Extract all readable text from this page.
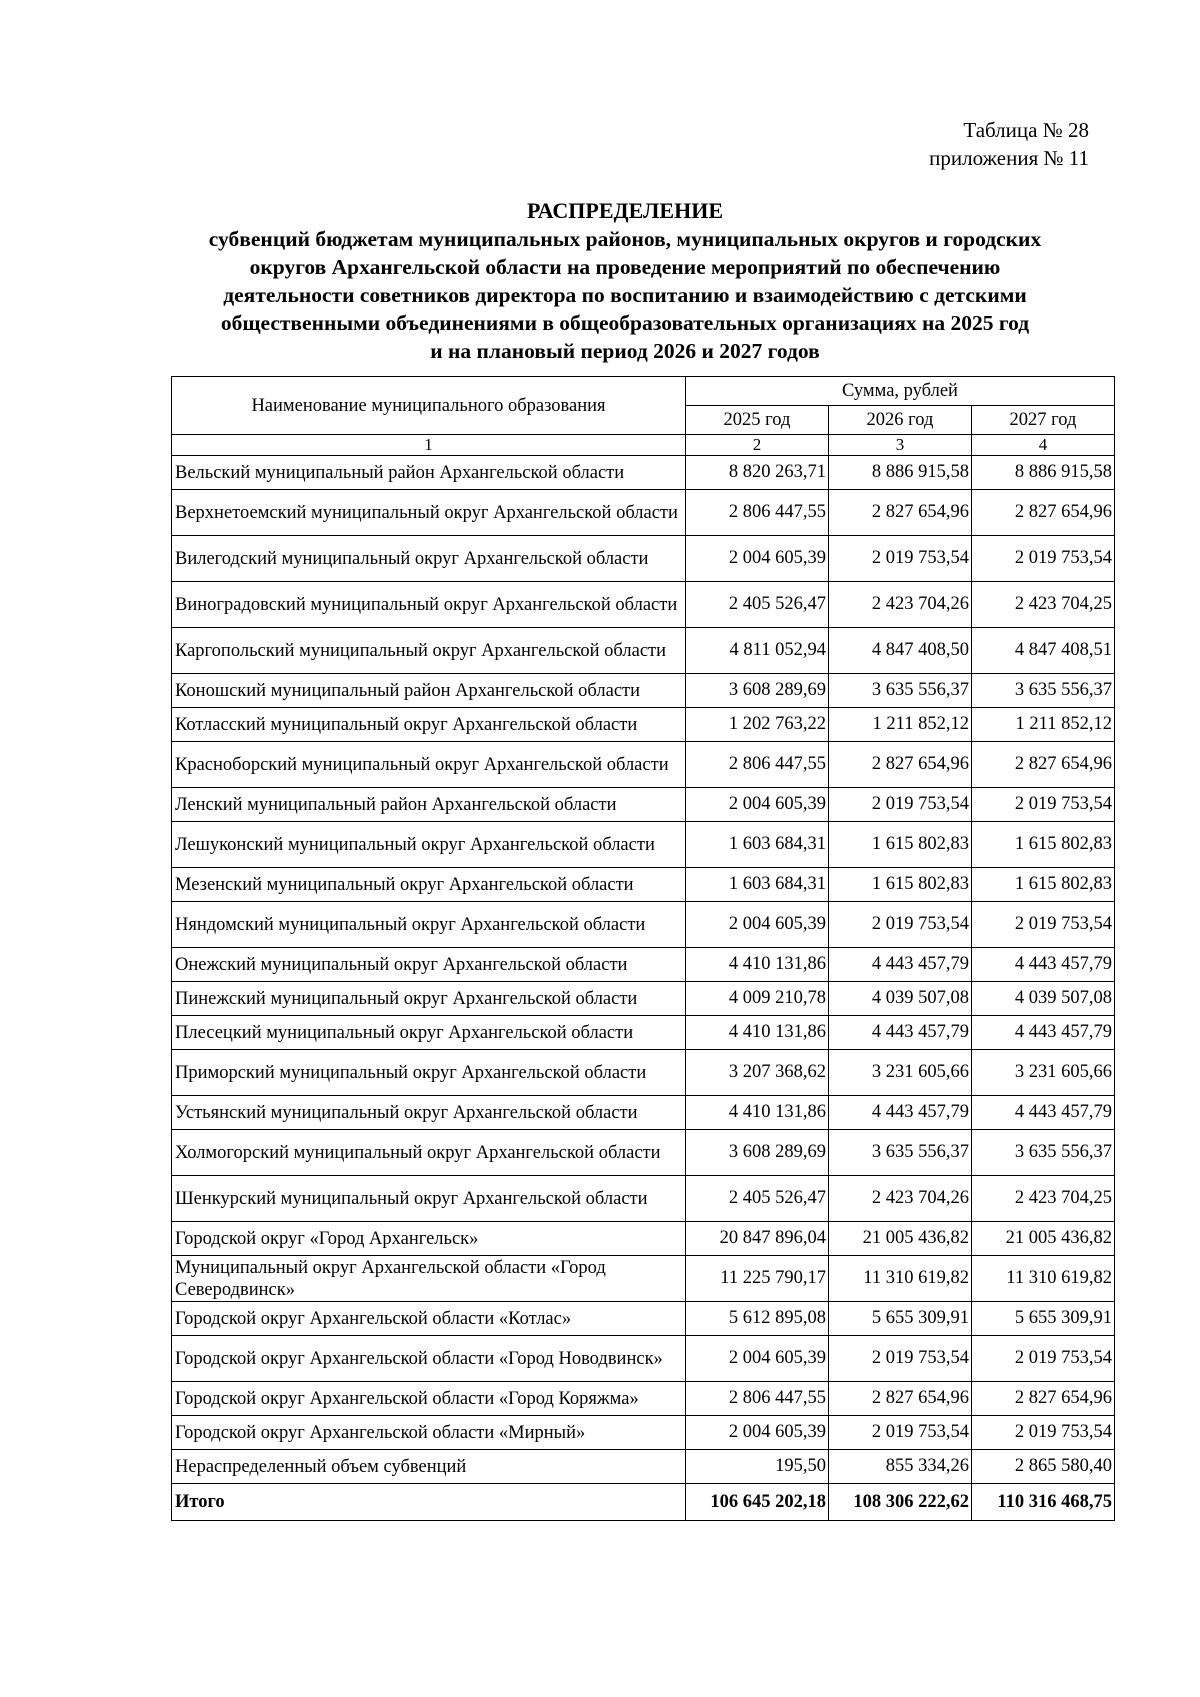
Таблица № 28
приложения № 11
РАСПРЕДЕЛЕНИЕ
субвенций бюджетам муниципальных районов, муниципальных округов и городских
округов Архангельской области на проведение мероприятий по обеспечению
деятельности советников директора по воспитанию и взаимодействию с детскими
общественными объединениями в общеобразовательных организациях на 2025 год
и на плановый период 2026 и 2027 годов
Наименование муниципального образования	Сумма, рублей		
	2025 год	2026 год	2027 год
1	2	3	4
Вельский муниципальный район Архангельской области	8 820 263,71	8 886 915,58	8 886 915,58
Верхнетоемский муниципальный округ Архангельской области	2 806 447,55	2 827 654,96	2 827 654,96
Вилегодский муниципальный округ Архангельской области	2 004 605,39	2 019 753,54	2 019 753,54
Виноградовский муниципальный округ Архангельской области	2 405 526,47	2 423 704,26	2 423 704,25
Каргопольский муниципальный округ Архангельской области	4 811 052,94	4 847 408,50	4 847 408,51
Коношский муниципальный район Архангельской области	3 608 289,69	3 635 556,37	3 635 556,37
Котласский муниципальный округ Архангельской области	1 202 763,22	1 211 852,12	1 211 852,12
Красноборский муниципальный округ Архангельской области	2 806 447,55	2 827 654,96	2 827 654,96
Ленский муниципальный район Архангельской области	2 004 605,39	2 019 753,54	2 019 753,54
Лешуконский муниципальный округ Архангельской области	1 603 684,31	1 615 802,83	1 615 802,83
Мезенский муниципальный округ Архангельской области	1 603 684,31	1 615 802,83	1 615 802,83
Няндомский муниципальный округ Архангельской области	2 004 605,39	2 019 753,54	2 019 753,54
Онежский муниципальный округ Архангельской области	4 410 131,86	4 443 457,79	4 443 457,79
Пинежский муниципальный округ Архангельской области	4 009 210,78	4 039 507,08	4 039 507,08
Плесецкий муниципальный округ Архангельской области	4 410 131,86	4 443 457,79	4 443 457,79
Приморский муниципальный округ Архангельской области	3 207 368,62	3 231 605,66	3 231 605,66
Устьянский муниципальный округ Архангельской области	4 410 131,86	4 443 457,79	4 443 457,79
Холмогорский муниципальный округ Архангельской области	3 608 289,69	3 635 556,37	3 635 556,37
Шенкурский муниципальный округ Архангельской области	2 405 526,47	2 423 704,26	2 423 704,25
Городской округ «Город Архангельск»	20 847 896,04	21 005 436,82	21 005 436,82
Муниципальный округ Архангельской области «Город Северодвинск»	11 225 790,17	11 310 619,82	11 310 619,82
Городской округ Архангельской области «Котлас»	5 612 895,08	5 655 309,91	5 655 309,91
Городской округ Архангельской области «Город Новодвинск»	2 004 605,39	2 019 753,54	2 019 753,54
Городской округ Архангельской области «Город Коряжма»	2 806 447,55	2 827 654,96	2 827 654,96
Городской округ Архангельской области «Мирный»	2 004 605,39	2 019 753,54	2 019 753,54
Нераспределенный объем субвенций	195,50	855 334,26	2 865 580,40
Итого	106 645 202,18	108 306 222,62	110 316 468,75
